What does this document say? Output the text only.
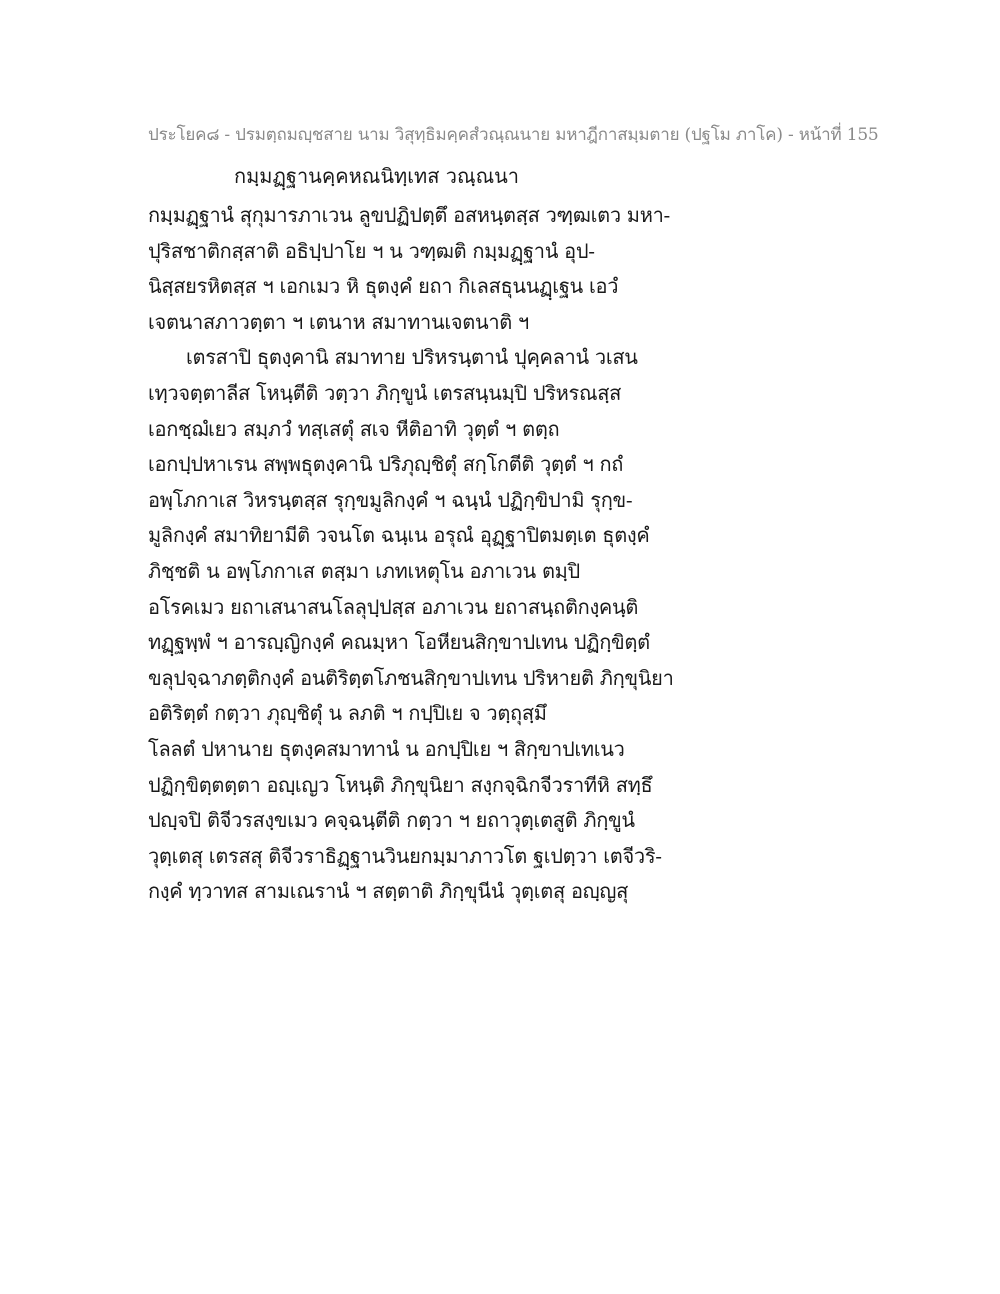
ประโยค๘ - ปรมตฺถมญฺชสาย นาม วิสุทฺธิมคฺคสํวณฺณนาย มหาฎีกาสมฺมตาย (ปฐโม ภาโค) - หน้าที่ 155
กมฺมฏฺฐานคฺคหณนิทฺเทส วณฺณนา
กมฺมฏฺฐานํ สุกุมารภาเวน ลูขปฏิปตฺตึ อสหนฺตสฺส วฑฺฒเตว มหา-
ปุริสชาติกสฺสาติ อธิปฺปาโย ฯ น วฑฺฒติ กมฺมฏฺฐานํ อุป-
นิสฺสยรหิตสฺส ฯ เอกเมว หิ ธุตงฺคํ ยถา กิเลสธุนนฏฺเฐน เอวํ
เจตนาสภาวตฺตา ฯ เตนาห สมาทานเจตนาติ ฯ
เตรสาปิ ธุตงฺคานิ สมาทาย ปริหรนฺตานํ ปุคฺคลานํ วเสน
เทฺวจตฺตาลีส โหนฺตีติ วตฺวา ภิกฺขูนํ เตรสนฺนมฺปิ ปริหรณสฺส
เอกชฺฌํเยว สมฺภวํ ทสฺเสตุํ สเจ หีติอาทิ วุตฺตํ ฯ ตตฺถ
เอกปฺปหาเรน สพฺพธุตงฺคานิ ปริภุญฺชิตุํ สกฺโกตีติ วุตฺตํ ฯ กถํ
อพฺโภกาเส วิหรนฺตสฺส รุกฺขมูลิกงฺคํ ฯ ฉนฺนํ ปฏิกฺขิปามิ รุกฺข-
มูลิกงฺคํ สมาทิยามีติ วจนโต ฉนฺเน อรุณํ อุฏฺฐาปิตมตฺเต ธุตงฺคํ
ภิชฺชติ น อพฺโภกาเส ตสฺมา เภทเหตุโน อภาเวน ตมฺปิ
อโรคเมว ยถาเสนาสนโลลุปฺปสฺส อภาเวน ยถาสนฺถติกงฺคนฺติ
ทฏฺฐพฺพํ ฯ อารญฺญิกงฺคํ คณมฺหา โอหียนสิกฺขาปเทน ปฏิกฺขิตฺตํ
ขลุปจฺฉาภตฺติกงฺคํ อนติริตฺตโภชนสิกฺขาปเทน ปริหายติ ภิกฺขุนิยา
อติริตฺตํ กตฺวา ภุญฺชิตุํ น ลภติ ฯ กปฺปิเย จ วตฺถุสฺมึ
โลลตํ ปหานาย ธุตงฺคสมาทานํ น อกปฺปิเย ฯ สิกฺขาปเทเนว
ปฏิกฺขิตฺตตฺตา อญฺเญว โหนฺติ ภิกฺขุนิยา สงฺกจฺฉิกจีวราทีหิ สทฺธึ
ปญฺจปิ ติจีวรสงฺขเมว คจฺฉนฺตีติ กตฺวา ฯ ยถาวุตฺเตสูติ ภิกฺขูนํ
วุตฺเตสุ เตรสสุ ติจีวราธิฏฺฐานวินยกมฺมาภาวโต ฐเปตฺวา เตจีวริ-
กงฺคํ ทฺวาทส สามเณรานํ ฯ สตฺตาติ ภิกฺขุนีนํ วุตฺเตสุ อญฺญสุ
